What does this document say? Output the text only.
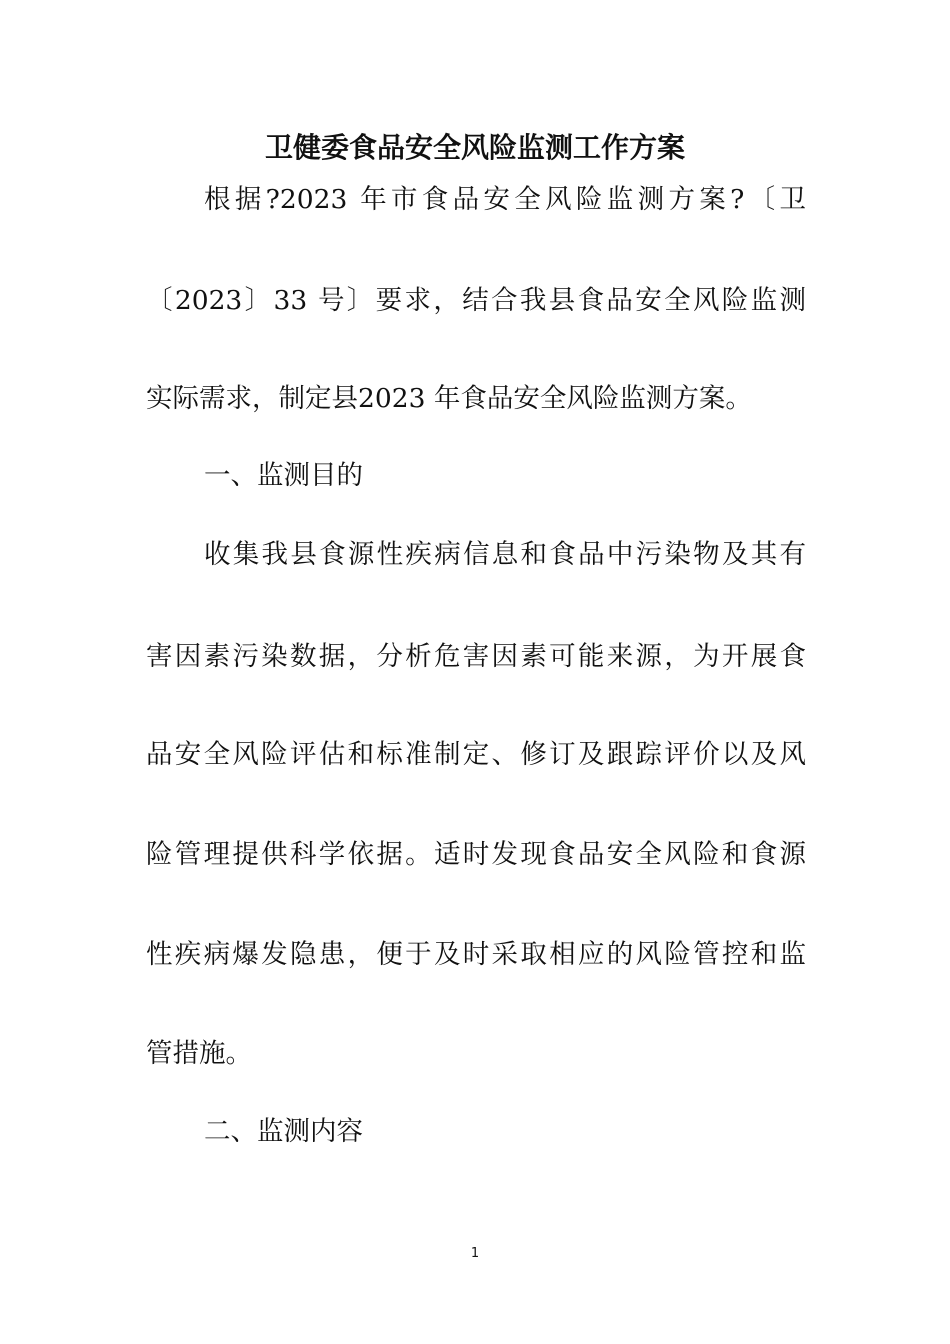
卫健委食品安全风险监测工作方案
根据?2023 年市食品安全风险监测方案?〔卫
〔2023〕33 号〕要求，结合我县食品安全风险监测
实际需求，制定县2023 年食品安全风险监测方案。
一、监测目的
收集我县食源性疾病信息和食品中污染物及其有
害因素污染数据，分析危害因素可能来源，为开展食
品安全风险评估和标准制定、修订及跟踪评价以及风
险管理提供科学依据。适时发现食品安全风险和食源
性疾病爆发隐患，便于及时采取相应的风险管控和监
管措施。
二、监测内容
1
